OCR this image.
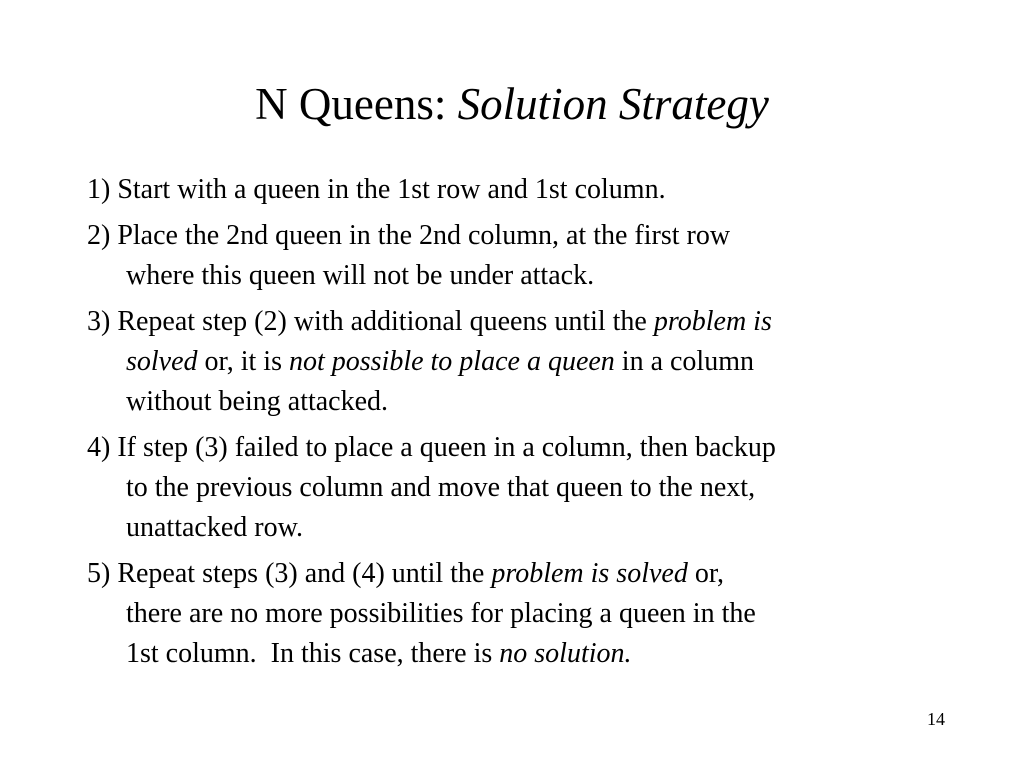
N Queens: Solution Strategy
1) Start with a queen in the 1st row and 1st column.
2) Place the 2nd queen in the 2nd column, at the first row
where this queen will not be under attack.
3) Repeat step (2) with additional queens until the problem is
solved or, it is not possible to place a queen in a column
without being attacked.
4) If step (3) failed to place a queen in a column, then backup
to the previous column and move that queen to the next,
unattacked row.
5) Repeat steps (3) and (4) until the problem is solved or,
there are no more possibilities for placing a queen in the
1st column.  In this case, there is no solution.
14
